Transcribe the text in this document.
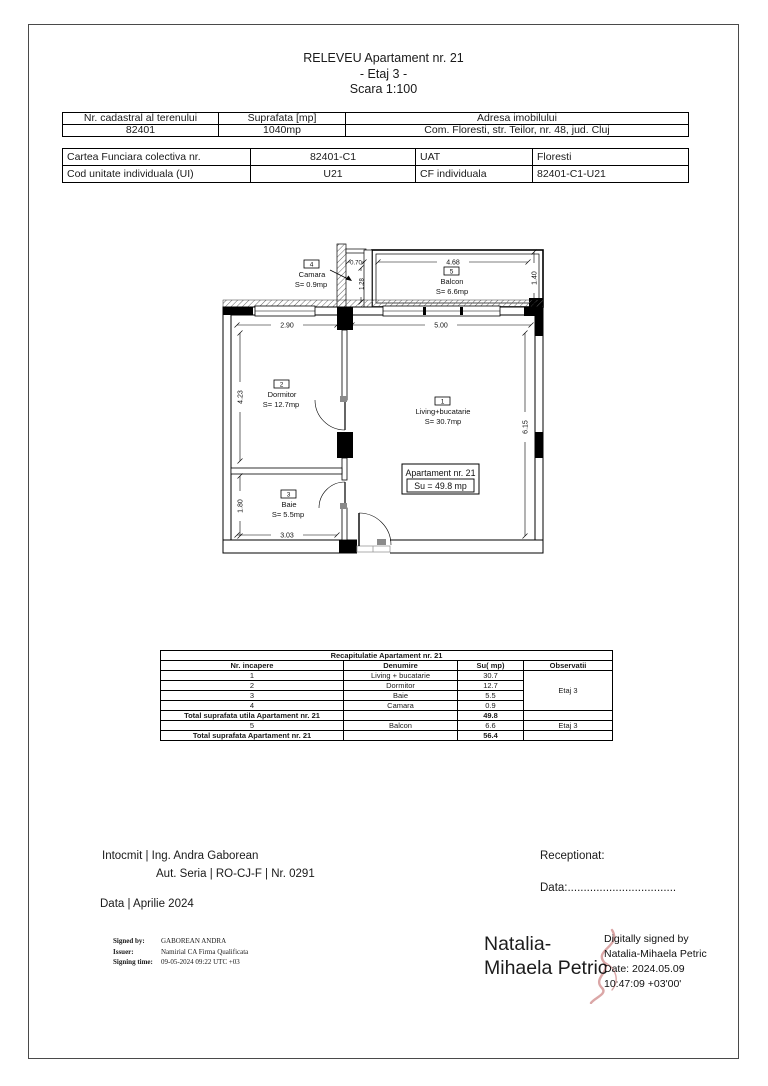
RELEVEU Apartament nr. 21
- Etaj 3 -
Scara 1:100
Nr. cadastral al terenului	Suprafata [mp]	Adresa imobilului
82401	1040mp	Com. Floresti, str. Teilor, nr. 48, jud. Cluj
Cartea Funciara colectiva nr.	82401-C1	UAT	Floresti
Cod unitate individuala (UI)	U21	CF individuala	82401-C1-U21
2.90	5.00
4.23
1.80
3.03
6.15
4.68
1.40
0.70
1.28
1
Living+bucatarie
S= 30.7mp
2
Dormitor
S= 12.7mp
3
Baie
S= 5.5mp
4
Camara
S= 0.9mp
5
Balcon
S= 6.6mp
Apartament nr. 21
Su = 49.8 mp
Recapitulatie Apartament nr. 21			
Nr. incapere	Denumire	Su( mp)	Observatii
1	Living + bucatarie	30.7	Etaj 3
2	Dormitor	12.7	
3	Baie	5.5	
4	Camara	0.9	
Total suprafata utila Apartament nr. 21		49.8	
5	Balcon	6.6	Etaj 3
Total suprafata Apartament nr. 21		56.4	
Intocmit | Ing. Andra Gaborean
Aut. Seria | RO-CJ-F | Nr. 0291
Data | Aprilie 2024
Receptionat:
Data:..................................
Signed by:	GABOREAN ANDRA
Issuer:	Namirial CA Firma Qualificata
Signing time:	09-05-2024 09:22 UTC +03
Natalia-
Mihaela Petric
Digitally signed by
Natalia-Mihaela Petric
Date: 2024.05.09
10:47:09 +03'00'
